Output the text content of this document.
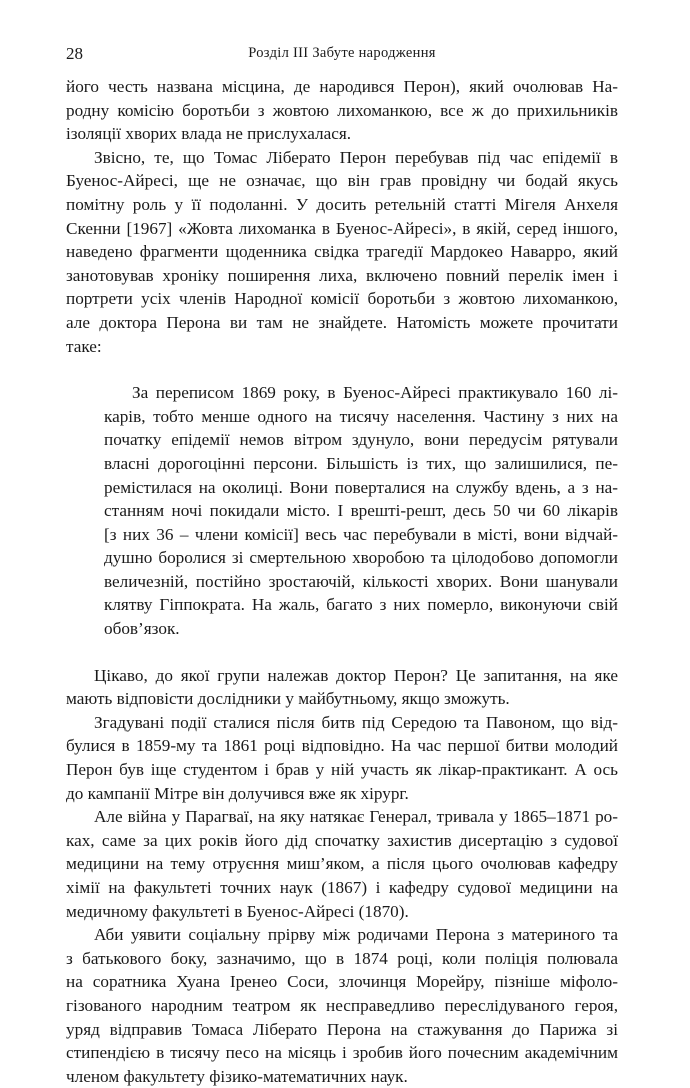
28	Розділ III Забуте народження

його честь названа місцина, де народився Перон), який очолював На-
родну комісію боротьби з жовтою лихоманкою, все ж до прихильників
ізоляції хворих влада не прислухалася.

Звісно, те, що Томас Ліберато Перон перебував під час епідемії в
Буенос-Айресі, ще не означає, що він грав провідну чи бодай якусь
помітну роль у її подоланні. У досить ретельній статті Мігеля Анхеля
Скенни [1967] «Жовта лихоманка в Буенос-Айресі», в якій, серед іншого,
наведено фрагменти щоденника свідка трагедії Мардокео Наварро, який
занотовував хроніку поширення лиха, включено повний перелік імен і
портрети усіх членів Народної комісії боротьби з жовтою лихоманкою,
але доктора Перона ви там не знайдете. Натомість можете прочитати
таке:

За переписом 1869 року, в Буенос-Айресі практикувало 160 лі-
карів, тобто менше одного на тисячу населення. Частину з них на
початку епідемії немов вітром здунуло, вони передусім рятували
власні дорогоцінні персони. Більшість із тих, що залишилися, пе-
ремістилася на околиці. Вони поверталися на службу вдень, а з на-
станням ночі покидали місто. І врешті-решт, десь 50 чи 60 лікарів
[з них 36 – члени комісії] весь час перебували в місті, вони відчай-
душно боролися зі смертельною хворобою та цілодобово допомогли
величезній, постійно зростаючій, кількості хворих. Вони шанували
клятву Гіппократа. На жаль, багато з них померло, виконуючи свій
обов’язок.

Цікаво, до якої групи належав доктор Перон? Це запитання, на яке
мають відповісти дослідники у майбутньому, якщо зможуть.

Згадувані події сталися після битв під Сеpедою та Павоном, що від-
булися в 1859-му та 1861 році відповідно. На час першої битви молодий
Перон був іще студентом і брав у ній участь як лікар-практикант. А ось
до кампанії Мітре він долучився вже як хірург.

Але війна у Парагваї, на яку натякає Генерал, тривала у 1865–1871 ро-
ках, саме за цих років його дід спочатку захистив дисертацію з судової
медицини на тему отруєння миш’яком, а після цього очолював кафедру
хімії на факультеті точних наук (1867) і кафедру судової медицини на
медичному факультеті в Буенос-Айресі (1870).

Аби уявити соціальну прірву між родичами Перона з материного та
з батькового боку, зазначимо, що в 1874 році, коли поліція полювала
на соратника Хуана Іренео Соси, злочинця Морейру, пізніше міфоло-
гізованого народним театром як несправедливо переслідуваного героя,
уряд відправив Томаса Ліберато Перона на стажування до Парижа зі
стипендією в тисячу песо на місяць і зробив його почесним академічним
членом факультету фізико-математичних наук.
